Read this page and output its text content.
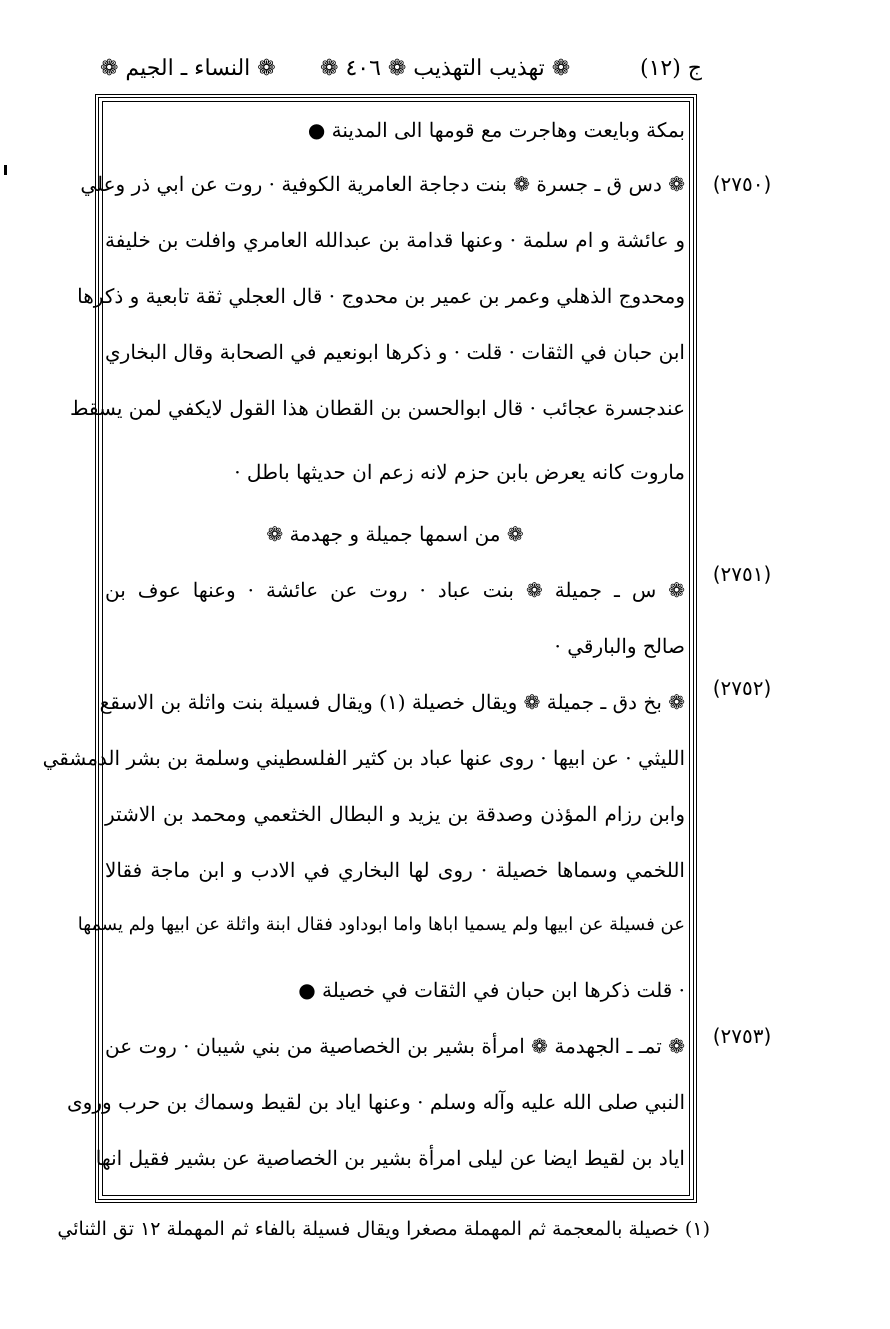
ج (١٢)
❁ تهذيب التهذيب ❁ ٤٠٦ ❁
❁ النساء ـ الجيم ❁
بمكة وبايعت وهاجرت مع قومها الى المدينة ●
❁ دس ق ـ جسرة ❁ بنت دجاجة العامرية الكوفية · روت عن ابي ذر وعلي
و عائشة و ام سلمة · وعنها قدامة بن عبدالله العامري وافلت بن خليفة
ومحدوج الذهلي وعمر بن عمير بن محدوج · قال العجلي ثقة تابعية و ذكرها
ابن حبان في الثقات · قلت · و ذكرها ابونعيم في الصحابة وقال البخاري
عندجسرة عجائب · قال ابوالحسن بن القطان هذا القول لايكفي لمن يسقط
ماروت كانه يعرض بابن حزم لانه زعم ان حديثها باطل ·
❁ من اسمها جميلة و جهدمة ❁
❁ س ـ جميلة ❁ بنت عباد · روت عن عائشة · وعنها عوف بن
صالح والبارقي ·
❁ بخ دق ـ جميلة ❁ ويقال خصيلة (١) ويقال فسيلة بنت واثلة بن الاسقع
الليثي · عن ابيها · روى عنها عباد بن كثير الفلسطيني وسلمة بن بشر الدمشقي
وابن رزام المؤذن وصدقة بن يزيد و البطال الخثعمي ومحمد بن الاشتر
اللخمي وسماها خصيلة · روى لها البخاري في الادب و ابن ماجة فقالا
عن فسيلة عن ابيها ولم يسميا اباها واما ابوداود فقال ابنة واثلة عن ابيها ولم يسمها
· قلت ذكرها ابن حبان في الثقات في خصيلة ●
❁ تمـ ـ الجهدمة ❁ امرأة بشير بن الخصاصية من بني شيبان · روت عن
النبي صلى الله عليه وآله وسلم · وعنها اياد بن لقيط وسماك بن حرب وروى
اياد بن لقيط ايضا عن ليلى امرأة بشير بن الخصاصية عن بشير فقيل انها
(٢٧٥٠)
(٢٧٥١)
(٢٧٥٢)
(٢٧٥٣)
(١) خصيلة بالمعجمة ثم المهملة مصغرا ويقال فسيلة بالفاء ثم المهملة ١٢ تق الثنائي
